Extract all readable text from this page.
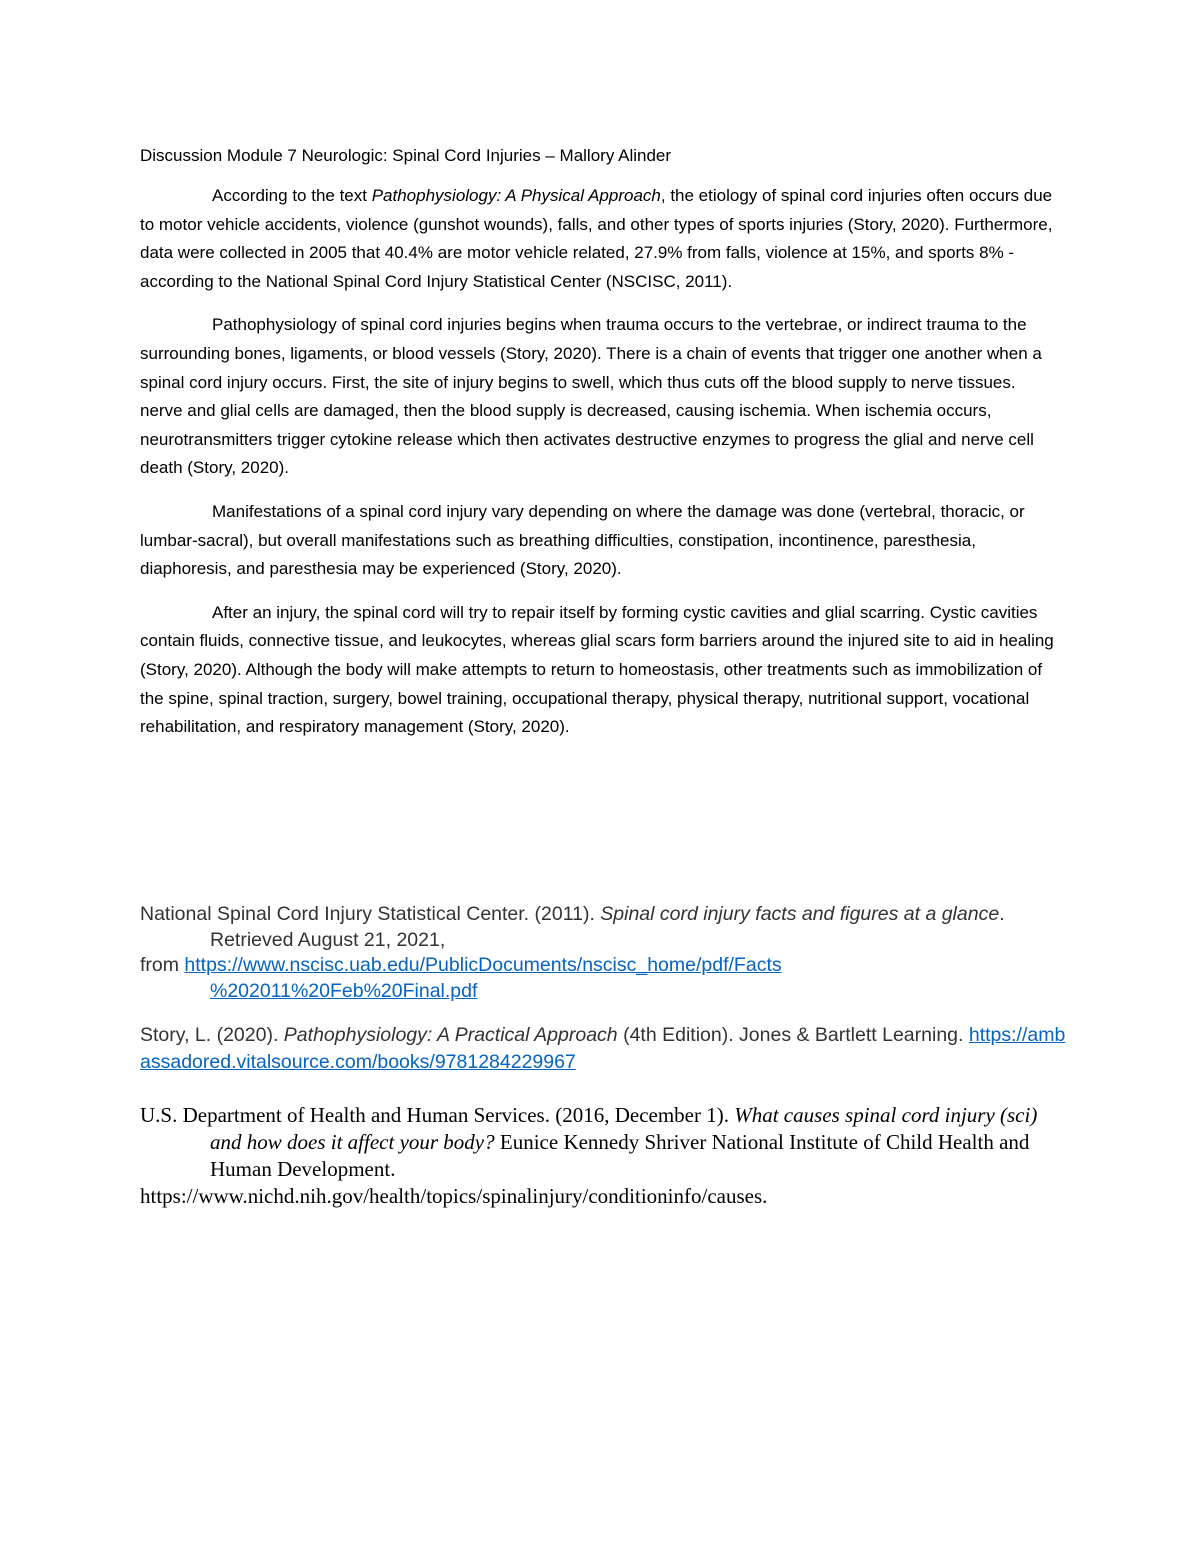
Discussion Module 7 Neurologic: Spinal Cord Injuries – Mallory Alinder

According to the text Pathophysiology: A Physical Approach, the etiology of spinal cord injuries often occurs due to motor vehicle accidents, violence (gunshot wounds), falls, and other types of sports injuries (Story, 2020). Furthermore, data were collected in 2005 that 40.4% are motor vehicle related, 27.9% from falls, violence at 15%, and sports 8% - according to the National Spinal Cord Injury Statistical Center (NSCISC, 2011).

Pathophysiology of spinal cord injuries begins when trauma occurs to the vertebrae, or indirect trauma to the surrounding bones, ligaments, or blood vessels (Story, 2020). There is a chain of events that trigger one another when a spinal cord injury occurs. First, the site of injury begins to swell, which thus cuts off the blood supply to nerve tissues. nerve and glial cells are damaged, then the blood supply is decreased, causing ischemia. When ischemia occurs, neurotransmitters trigger cytokine release which then activates destructive enzymes to progress the glial and nerve cell death (Story, 2020).

Manifestations of a spinal cord injury vary depending on where the damage was done (vertebral, thoracic, or lumbar-sacral), but overall manifestations such as breathing difficulties, constipation, incontinence, paresthesia, diaphoresis, and paresthesia may be experienced (Story, 2020).

After an injury, the spinal cord will try to repair itself by forming cystic cavities and glial scarring. Cystic cavities contain fluids, connective tissue, and leukocytes, whereas glial scars form barriers around the injured site to aid in healing (Story, 2020). Although the body will make attempts to return to homeostasis, other treatments such as immobilization of the spine, spinal traction, surgery, bowel training, occupational therapy, physical therapy, nutritional support, vocational rehabilitation, and respiratory management (Story, 2020).

National Spinal Cord Injury Statistical Center. (2011). Spinal cord injury facts and figures at a glance. Retrieved August 21, 2021,
from https://www.nscisc.uab.edu/PublicDocuments/nscisc_home/pdf/Facts
%202011%20Feb%20Final.pdf
Story, L. (2020). Pathophysiology: A Practical Approach (4th Edition). Jones & Bartlett Learning. https://ambassadored.vitalsource.com/books/9781284229967
U.S. Department of Health and Human Services. (2016, December 1). What causes spinal cord injury (sci) and how does it affect your body? Eunice Kennedy Shriver National Institute of Child Health and Human Development.
https://www.nichd.nih.gov/health/topics/spinalinjury/conditioninfo/causes.
